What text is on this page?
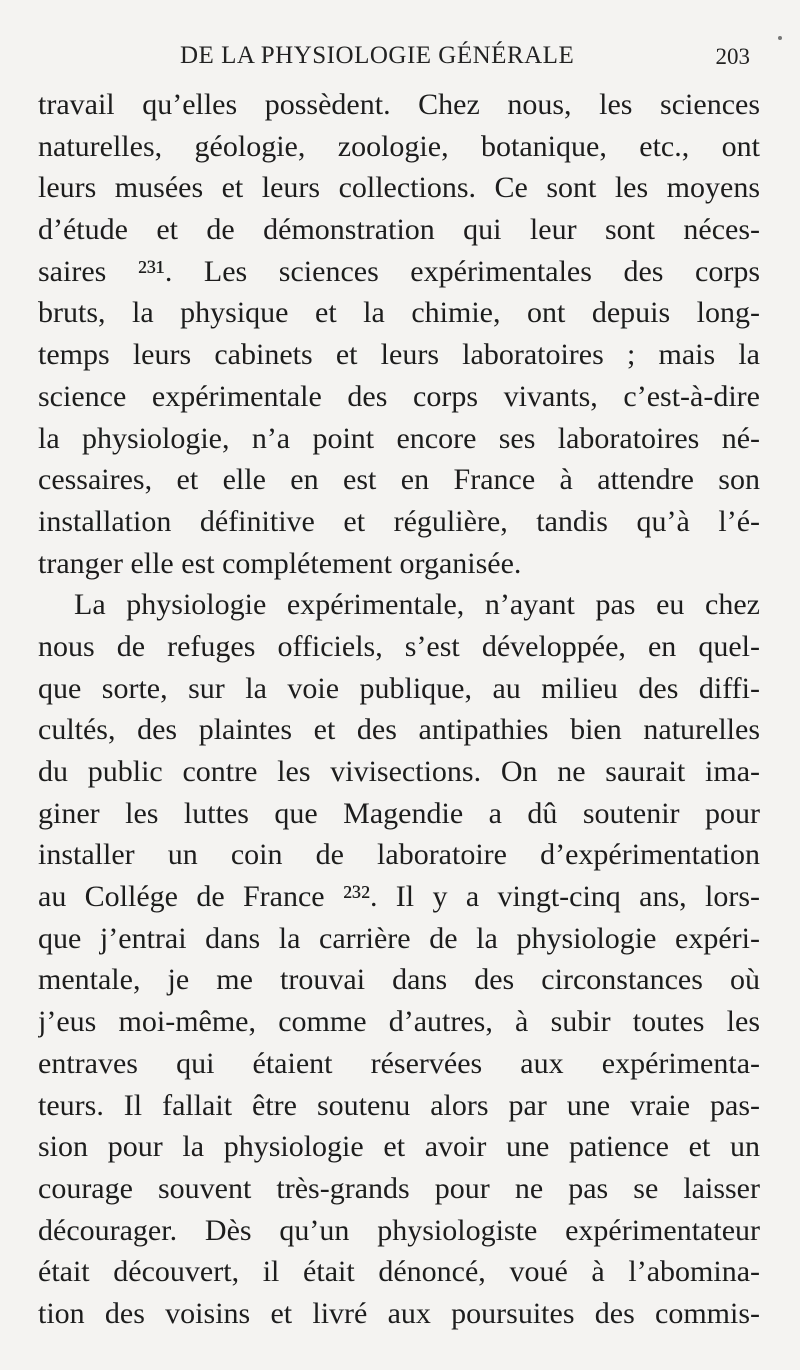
DE LA PHYSIOLOGIE GÉNÉRALE	203
travail qu’elles possèdent. Chez nous, les sciences
naturelles, géologie, zoologie, botanique, etc., ont
leurs musées et leurs collections. Ce sont les moyens
d’étude et de démonstration qui leur sont néces-
saires ²³¹. Les sciences expérimentales des corps
bruts, la physique et la chimie, ont depuis long-
temps leurs cabinets et leurs laboratoires ; mais la
science expérimentale des corps vivants, c’est-à-dire
la physiologie, n’a point encore ses laboratoires né-
cessaires, et elle en est en France à attendre son
installation définitive et régulière, tandis qu’à l’é-
tranger elle est complétement organisée.
La physiologie expérimentale, n’ayant pas eu chez
nous de refuges officiels, s’est développée, en quel-
que sorte, sur la voie publique, au milieu des diffi-
cultés, des plaintes et des antipathies bien naturelles
du public contre les vivisections. On ne saurait ima-
giner les luttes que Magendie a dû soutenir pour
installer un coin de laboratoire d’expérimentation
au Collége de France ²³². Il y a vingt-cinq ans, lors-
que j’entrai dans la carrière de la physiologie expéri-
mentale, je me trouvai dans des circonstances où
j’eus moi-même, comme d’autres, à subir toutes les
entraves qui étaient réservées aux expérimenta-
teurs. Il fallait être soutenu alors par une vraie pas-
sion pour la physiologie et avoir une patience et un
courage souvent très-grands pour ne pas se laisser
décourager. Dès qu’un physiologiste expérimentateur
était découvert, il était dénoncé, voué à l’abomina-
tion des voisins et livré aux poursuites des commis-
